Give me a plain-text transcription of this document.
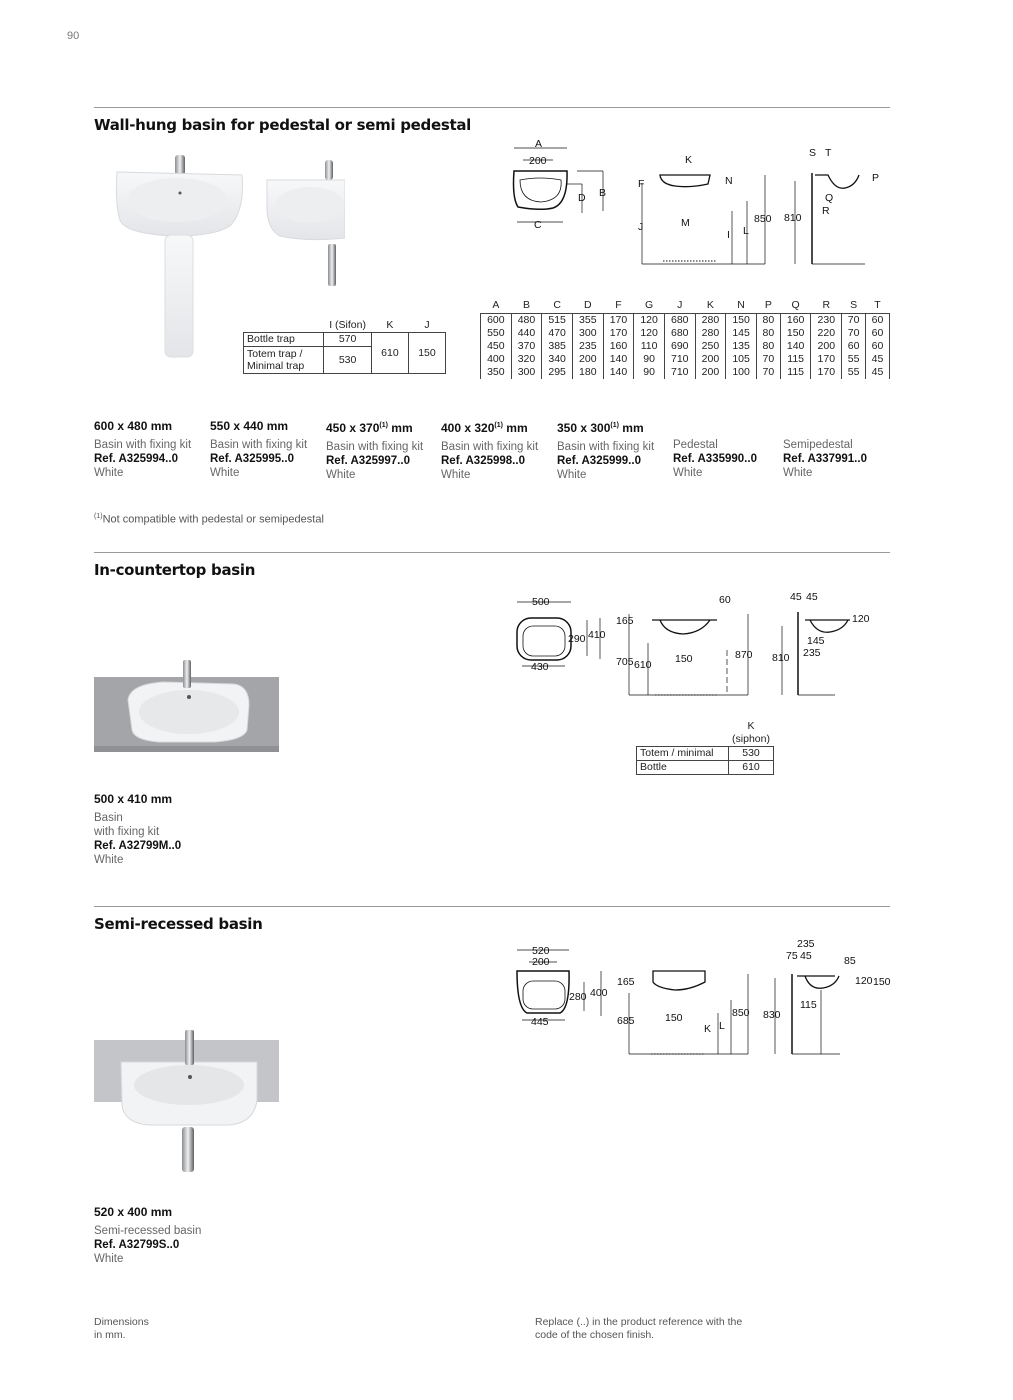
90
Wall-hung basin for pedestal or semi pedestal
	I (Sifon)	K	J
Bottle trap	570	610	150
Totem trap /
Minimal trap	530		
A
200
D B
C
F
K
N
J	M
I L
850
S T
P
Q
R
810
A	B	C	D	F	G	J	K	N	P	Q	R	S	T
600	480	515	355	170	120	680	280	150	80	160	230	70	60
550	440	470	300	170	120	680	280	145	80	150	220	70	60
450	370	385	235	160	110	690	250	135	80	140	200	60	60
400	320	340	200	140	90	710	200	105	70	115	170	55	45
350	300	295	180	140	90	710	200	100	70	115	170	55	45
600 x 480 mm
Basin with fixing kit
Ref. A325994..0
White
550 x 440 mm
Basin with fixing kit
Ref. A325995..0
White
450 x 370$^{(1)}$ mm
Basin with fixing kit
Ref. A325997..0
White
400 x 320$^{(1)}$ mm
Basin with fixing kit
Ref. A325998..0
White
350 x 300$^{(1)}$ mm
Basin with fixing kit
Ref. A325999..0
White
Pedestal
Ref. A335990..0
White
Semipedestal
Ref. A337991..0
White
$^{(1)}$Not compatible with pedestal or semipedestal
In-countertop basin
500
430
290 410
60
165
705 610 150	870
45 45
120
145
235
810
	K (siphon)
Totem / minimal	530
Bottle	610
500 x 410 mm
Basin
with fixing kit
Ref. A32799M..0
White
Semi-recessed basin
520
200
445
280 400
165
685	150
K L
850
235
75 45	85
120 150
115
830
520 x 400 mm
Semi-recessed basin
Ref. A32799S..0
White
Dimensions
in mm.
Replace (..) in the product reference with the
code of the chosen finish.
